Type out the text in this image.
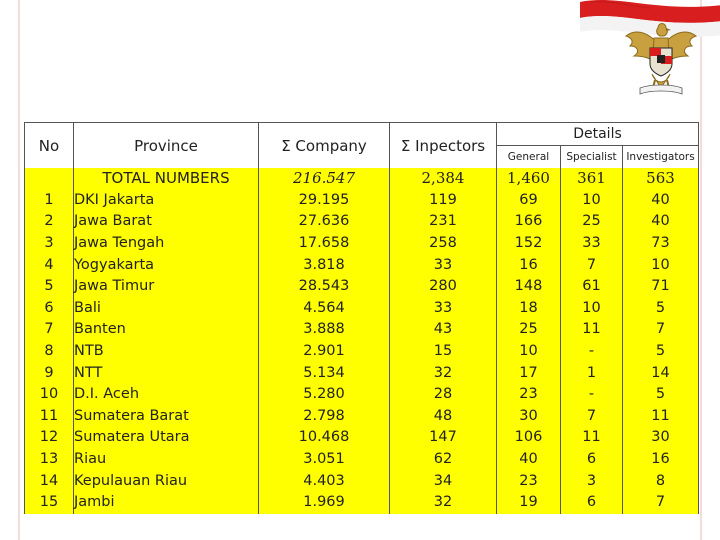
No	Province	Σ Company	Σ Inpectors	Details		
				General	Specialist	Investigators
	TOTAL NUMBERS	216.547	2,384	1,460	361	563
1	DKI Jakarta	29.195	119	69	10	40
2	Jawa Barat	27.636	231	166	25	40
3	Jawa Tengah	17.658	258	152	33	73
4	Yogyakarta	3.818	33	16	7	10
5	Jawa Timur	28.543	280	148	61	71
6	Bali	4.564	33	18	10	5
7	Banten	3.888	43	25	11	7
8	NTB	2.901	15	10	-	5
9	NTT	5.134	32	17	1	14
10	D.I. Aceh	5.280	28	23	-	5
11	Sumatera Barat	2.798	48	30	7	11
12	Sumatera Utara	10.468	147	106	11	30
13	Riau	3.051	62	40	6	16
14	Kepulauan Riau	4.403	34	23	3	8
15	Jambi	1.969	32	19	6	7
